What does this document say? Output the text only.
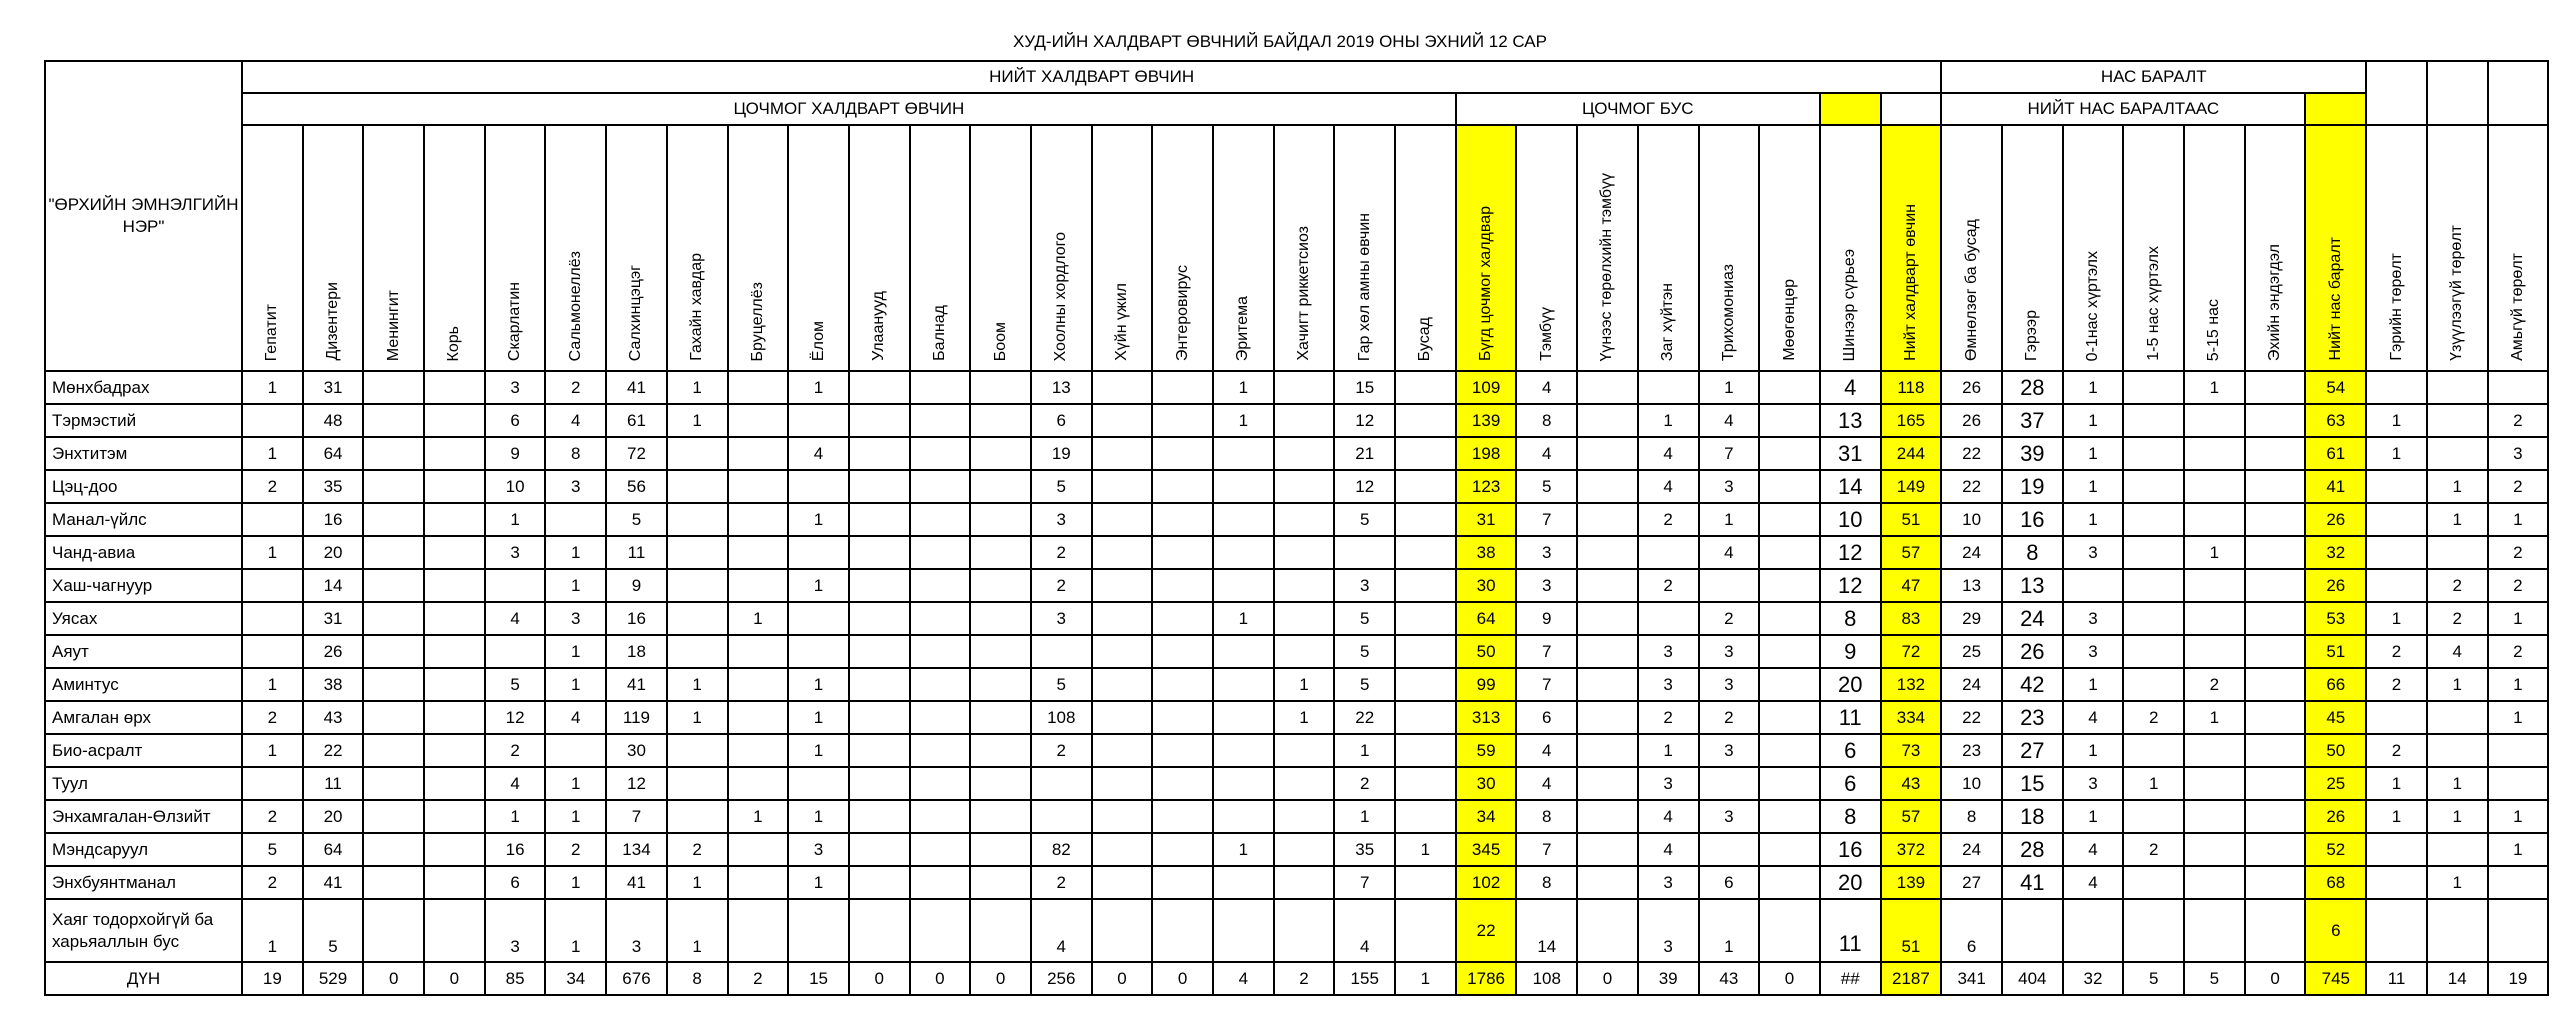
ХУД-ИЙН ХАЛДВАРТ ӨВЧНИЙ БАЙДАЛ 2019 ОНЫ ЭХНИЙ 12 САР
"ӨРХИЙН ЭМНЭЛГИЙН НЭР"	НИЙТ ХАЛДВАРТ ӨВЧИН																												НАС БАРАЛТ									
	ЦОЧМОГ ХАЛДВАРТ ӨВЧИН																				ЦОЧМОГ БУС								НИЙТ НАС БАРАЛТААС									
	Гепатит	Дизентери	Менингит	Корь	Скарлатин	Сальмонеллёз	Салхинцэцэг	Гахайн хавдар	Бруцеллёз	Ёлом	Улаанууд	Балнад	Боом	Хоолны хордлого	Хүйн үжил	Энтеровирус	Эритема	Хачигт риккетсиоз	Гар хөл амны өвчин	Бусад	Бүгд цочмог халдвар	Тэмбүү	Үүнээс төрөлхийн тэмбүү	Заг хүйтэн	Трихомониаз	Мөөгөнцөр	Шинээр сүрьеэ	Нийт халдварт өвчин	Өмнөлзөг ба бусад	Гэрээр	0-1нас хүртэлх	1-5 нас хүртэлх	5-15 нас	Эхийн эндэгдэл	Нийт нас баралт	Гэрийн төрөлт	Үзүүлээгүй төрөлт	Амьгүй төрөлт
Мөнхбадрах	1	31			3	2	41	1		1				13			1		15		109	4			1		4	118	26	28	1		1		54			
Тэрмэстий		48			6	4	61	1						6			1		12		139	8		1	4		13	165	26	37	1				63	1		2
Энхтитэм	1	64			9	8	72			4				19					21		198	4		4	7		31	244	22	39	1				61	1		3
Цэц-доо	2	35			10	3	56							5					12		123	5		4	3		14	149	22	19	1				41		1	2
Манал-үйлс		16			1		5			1				3					5		31	7		2	1		10	51	10	16	1				26		1	1
Чанд-авиа	1	20			3	1	11							2							38	3			4		12	57	24	8	3		1		32			2
Хаш-чагнуур		14				1	9			1				2					3		30	3		2			12	47	13	13					26		2	2
Уясах		31			4	3	16		1					3			1		5		64	9			2		8	83	29	24	3				53	1	2	1
Аяут		26				1	18												5		50	7		3	3		9	72	25	26	3				51	2	4	2
Аминтус	1	38			5	1	41	1		1				5				1	5		99	7		3	3		20	132	24	42	1		2		66	2	1	1
Амгалан өрх	2	43			12	4	119	1		1				108				1	22		313	6		2	2		11	334	22	23	4	2	1		45			1
Био-асралт	1	22			2		30			1				2					1		59	4		1	3		6	73	23	27	1				50	2		
Туул		11			4	1	12												2		30	4		3			6	43	10	15	3	1			25	1	1	
Энхамгалан-Өлзийт	2	20			1	1	7		1	1									1		34	8		4	3		8	57	8	18	1				26	1	1	1
Мэндсаруул	5	64			16	2	134	2		3				82			1		35	1	345	7		4			16	372	24	28	4	2			52			1
Энхбуянтманал	2	41			6	1	41	1		1				2					7		102	8		3	6		20	139	27	41	4				68		1	
Хаяг тодорхойгүй ба харьяаллын бус	1	5			3	1	3	1						4					4		22	14		3	1		11	51	6						6			
ДҮН	19	529	0	0	85	34	676	8	2	15	0	0	0	256	0	0	4	2	155	1	1786	108	0	39	43	0	##	2187	341	404	32	5	5	0	745	11	14	19
